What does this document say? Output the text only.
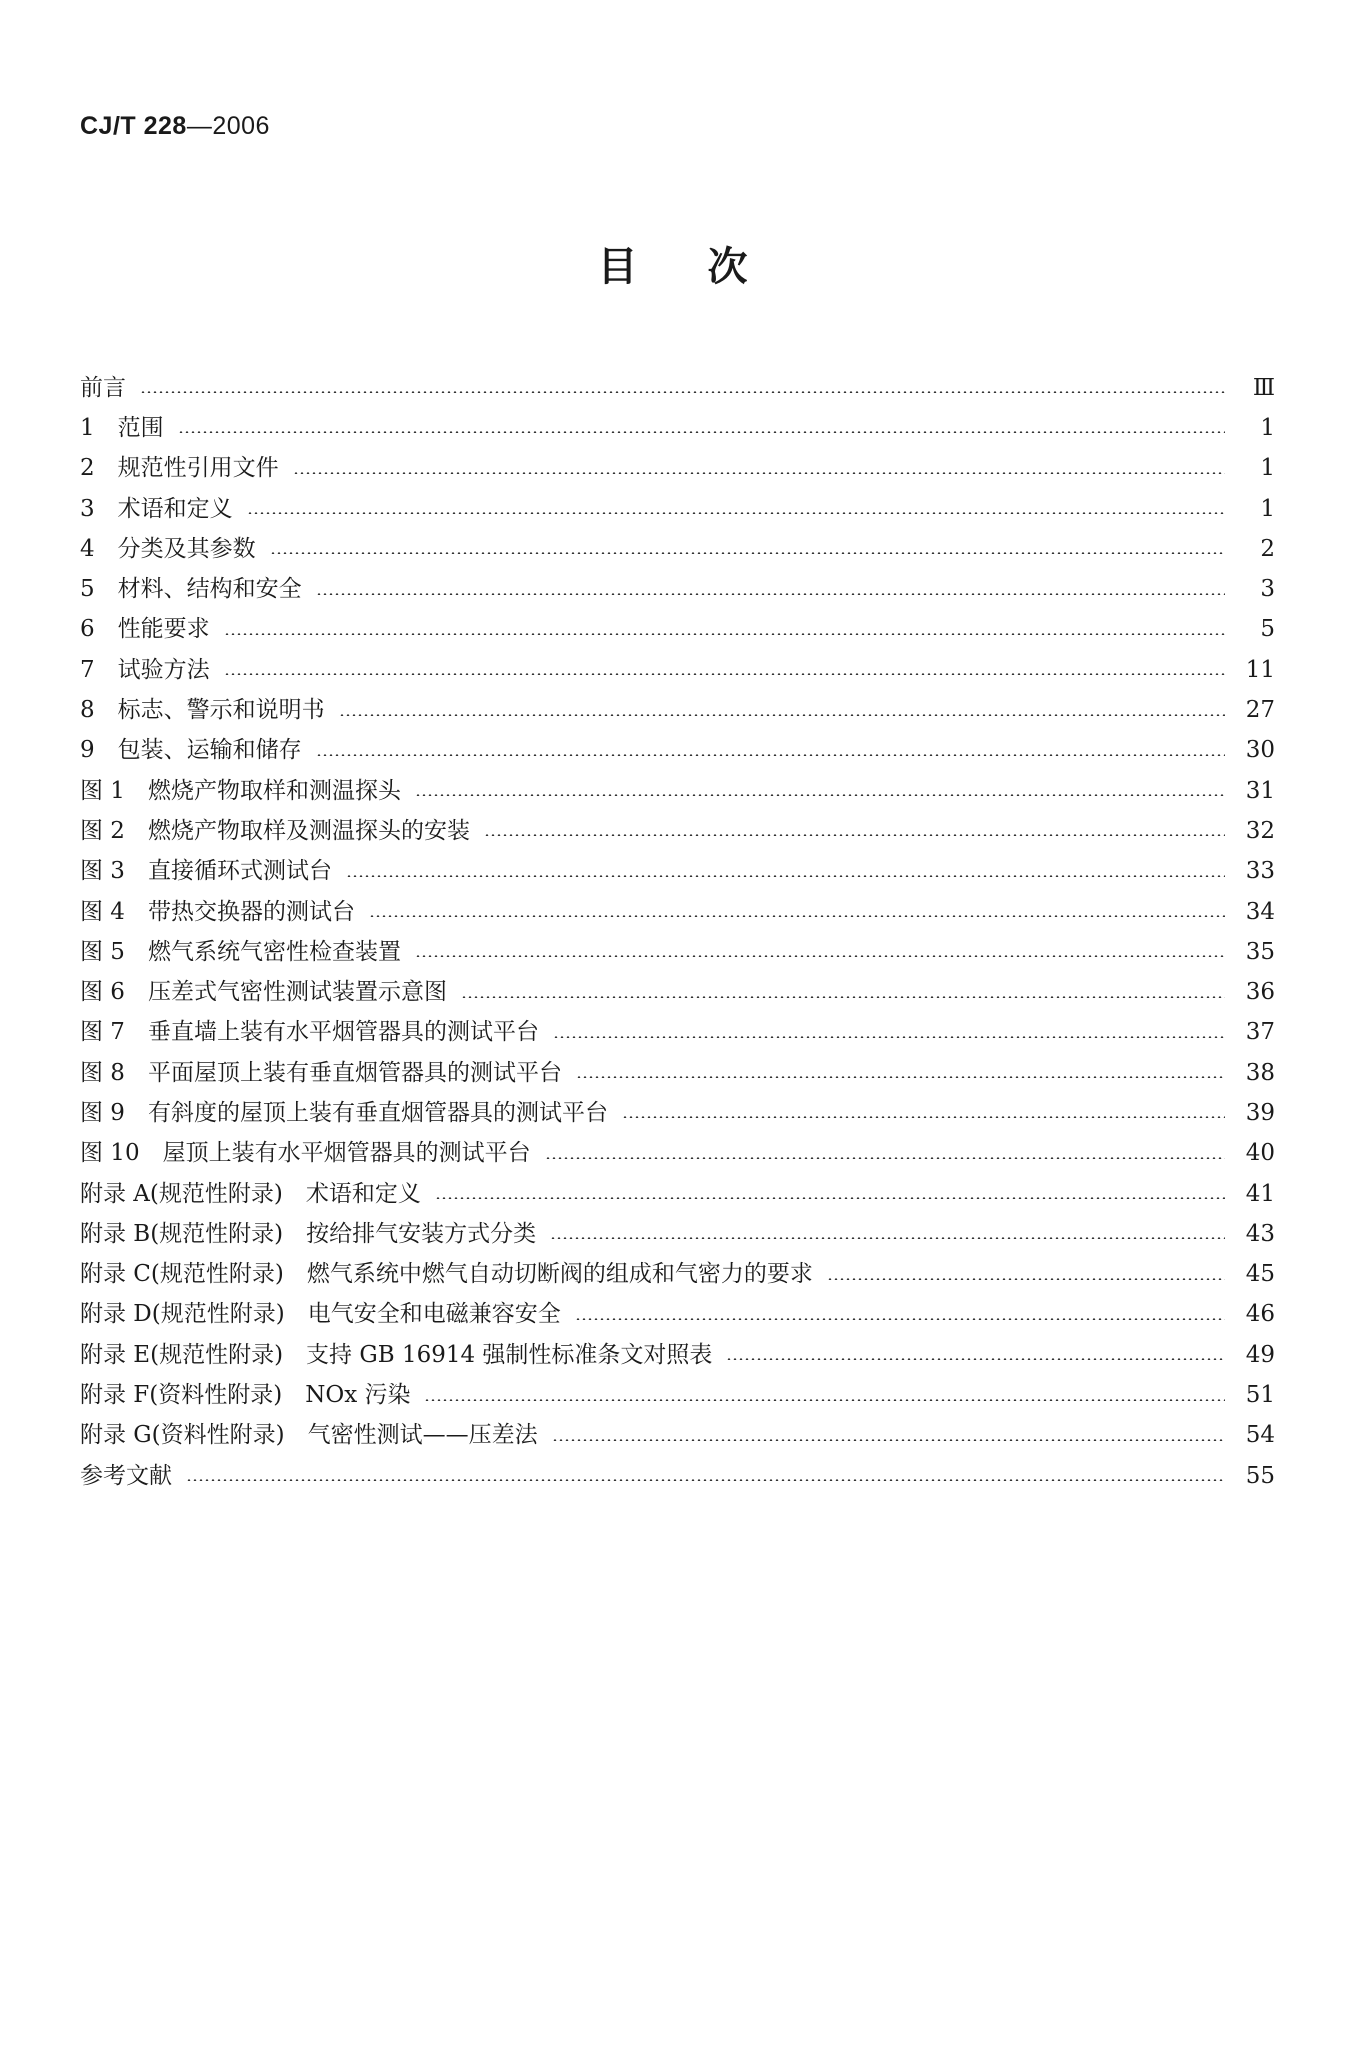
CJ/T 228—2006
目次
前言	Ⅲ
1　范围	1
2　规范性引用文件	1
3　术语和定义	1
4　分类及其参数	2
5　材料、结构和安全	3
6　性能要求	5
7　试验方法	11
8　标志、警示和说明书	27
9　包装、运输和储存	30
图 1　燃烧产物取样和测温探头	31
图 2　燃烧产物取样及测温探头的安装	32
图 3　直接循环式测试台	33
图 4　带热交换器的测试台	34
图 5　燃气系统气密性检查装置	35
图 6　压差式气密性测试装置示意图	36
图 7　垂直墙上装有水平烟管器具的测试平台	37
图 8　平面屋顶上装有垂直烟管器具的测试平台	38
图 9　有斜度的屋顶上装有垂直烟管器具的测试平台	39
图 10　屋顶上装有水平烟管器具的测试平台	40
附录 A(规范性附录)　术语和定义	41
附录 B(规范性附录)　按给排气安装方式分类	43
附录 C(规范性附录)　燃气系统中燃气自动切断阀的组成和气密力的要求	45
附录 D(规范性附录)　电气安全和电磁兼容安全	46
附录 E(规范性附录)　支持 GB 16914 强制性标准条文对照表	49
附录 F(资料性附录)　NOx 污染	51
附录 G(资料性附录)　气密性测试——压差法	54
参考文献	55
